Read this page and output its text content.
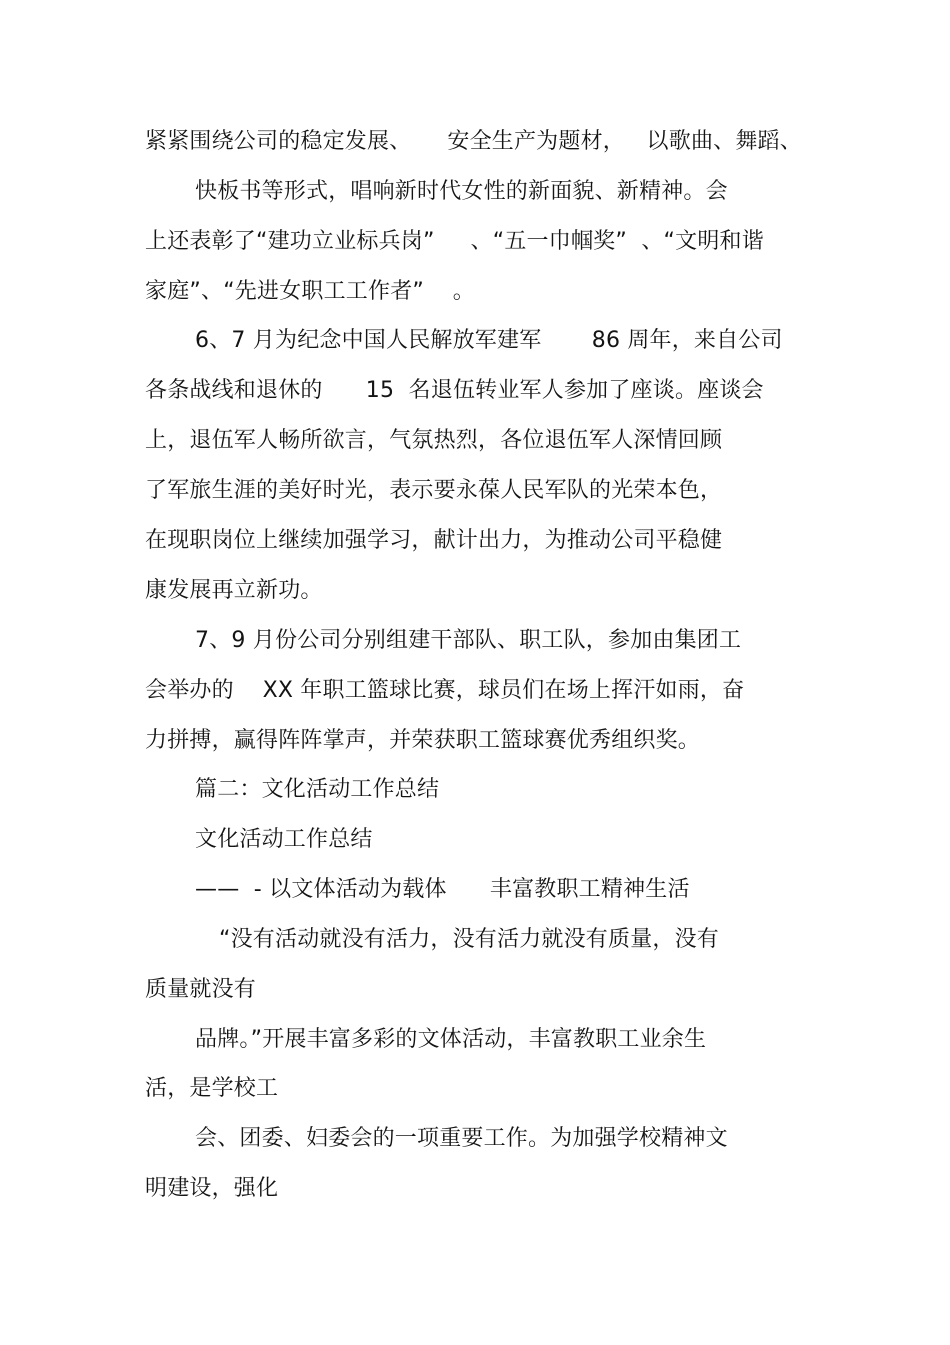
紧紧围绕公司的稳定发展、     安全生产为题材，   以歌曲、舞蹈、
快板书等形式，唱响新时代女性的新面貌、新精神。会
上还表彰了“建功立业标兵岗”     、“五一巾帼奖”  、“文明和谐
家庭”、“先进女职工工作者”    。
6、7 月为纪念中国人民解放军建军       86 周年，来自公司
各条战线和退休的      15  名退伍转业军人参加了座谈。座谈会
上，退伍军人畅所欲言，气氛热烈，各位退伍军人深情回顾
了军旅生涯的美好时光，表示要永葆人民军队的光荣本色，
在现职岗位上继续加强学习，献计出力，为推动公司平稳健
康发展再立新功。
7、9 月份公司分别组建干部队、职工队，参加由集团工
会举办的    XX 年职工篮球比赛，球员们在场上挥汗如雨，奋
力拼搏，赢得阵阵掌声，并荣获职工篮球赛优秀组织奖。
篇二：文化活动工作总结
文化活动工作总结
——  - 以文体活动为载体      丰富教职工精神生活
“没有活动就没有活力，没有活力就没有质量，没有
质量就没有
品牌。”开展丰富多彩的文体活动，丰富教职工业余生
活，是学校工
会、团委、妇委会的一项重要工作。为加强学校精神文
明建设，强化
